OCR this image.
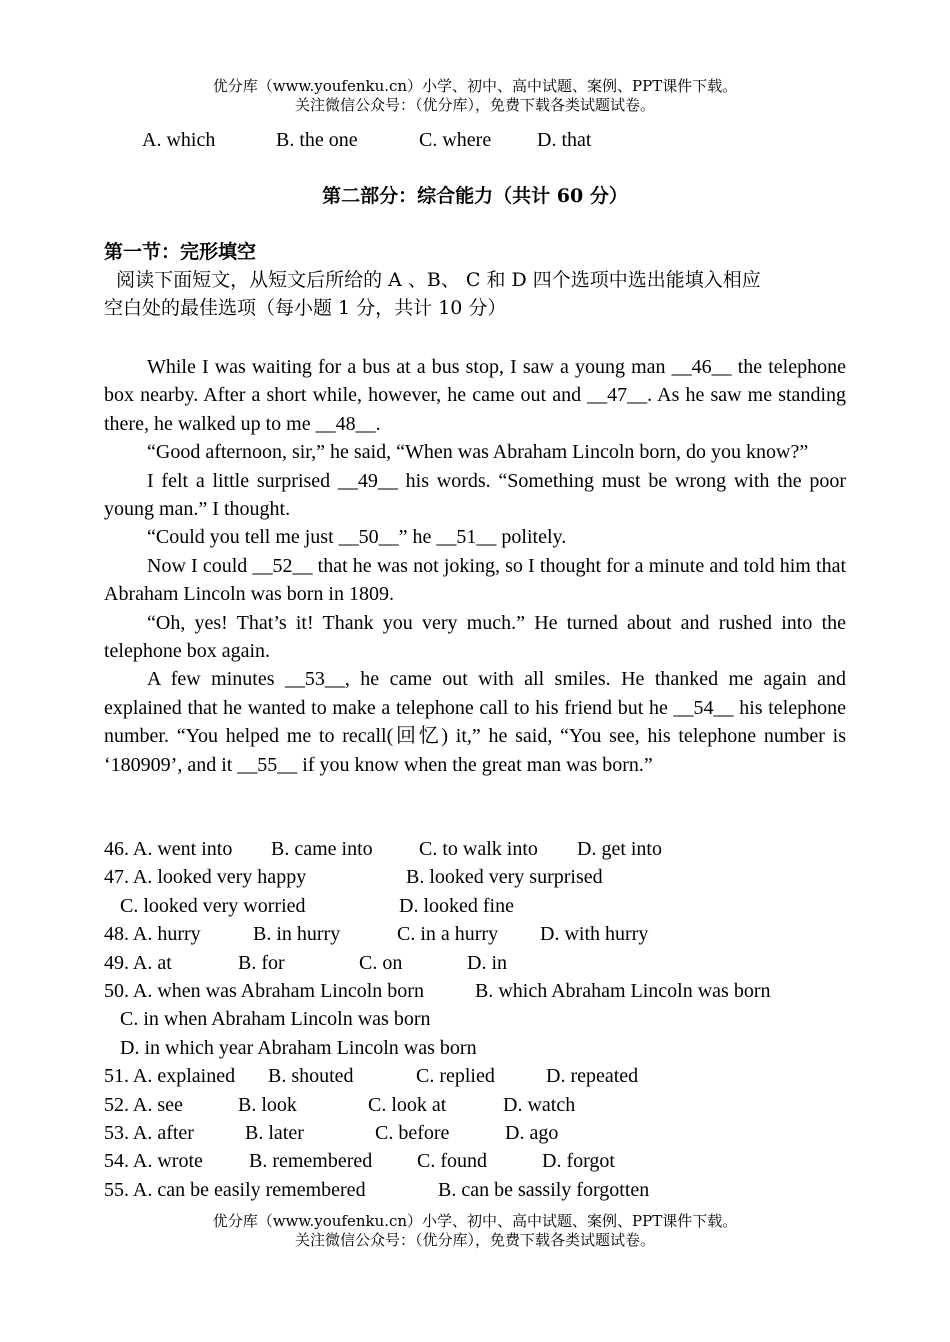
优分库（www.youfenku.cn）小学、初中、高中试题、案例、PPT课件下载。
关注微信公众号：（优分库），免费下载各类试题试卷。
A. which	B. the one	C. where D. that
第二部分：综合能力（共计 60 分）
第一节：完形填空
阅读下面短文，从短文后所给的 A 、B、 C 和 D 四个选项中选出能填入相应
空白处的最佳选项（每小题 1 分，共计 10 分）

While I was waiting for a bus at a bus stop, I saw a young man __46__ the telephone box nearby. After a short while, however, he came out and __47__. As he saw me standing there, he walked up to me __48__.

“Good afternoon, sir,” he said, “When was Abraham Lincoln born, do you know?”

I felt a little surprised __49__ his words. “Something must be wrong with the poor young man.” I thought.

“Could you tell me just __50__” he __51__ politely.

Now I could __52__ that he was not joking, so I thought for a minute and told him that Abraham Lincoln was born in 1809.

“Oh, yes! That’s it! Thank you very much.” He turned about and rushed into the telephone box again.

A few minutes __53__, he came out with all smiles. He thanked me again and explained that he wanted to make a telephone call to his friend but he __54__ his telephone number. “You helped me to recall(回忆) it,” he said, “You see, his telephone number is ‘180909’, and it __55__ if you know when the great man was born.”

46. A. went into B. came into C. to walk into D. get into
47. A. looked very happy	B. looked very surprised
C. looked very worried	D. looked fine
48. A. hurry	B. in hurry	C. in a hurry D. with hurry
49. A. at	B. for	C. on	D. in
50. A. when was Abraham Lincoln born	B. which Abraham Lincoln was born
C. in when Abraham Lincoln was born
D. in which year Abraham Lincoln was born
51. A. explained B. shouted	C. replied	D. repeated
52. A. see	B. look	C. look at	D. watch
53. A. after	B. later	C. before	D. ago
54. A. wrote B. remembered C. found	D. forgot
55. A. can be easily remembered	B. can be sassily forgotten
优分库（www.youfenku.cn）小学、初中、高中试题、案例、PPT课件下载。
关注微信公众号：（优分库），免费下载各类试题试卷。
